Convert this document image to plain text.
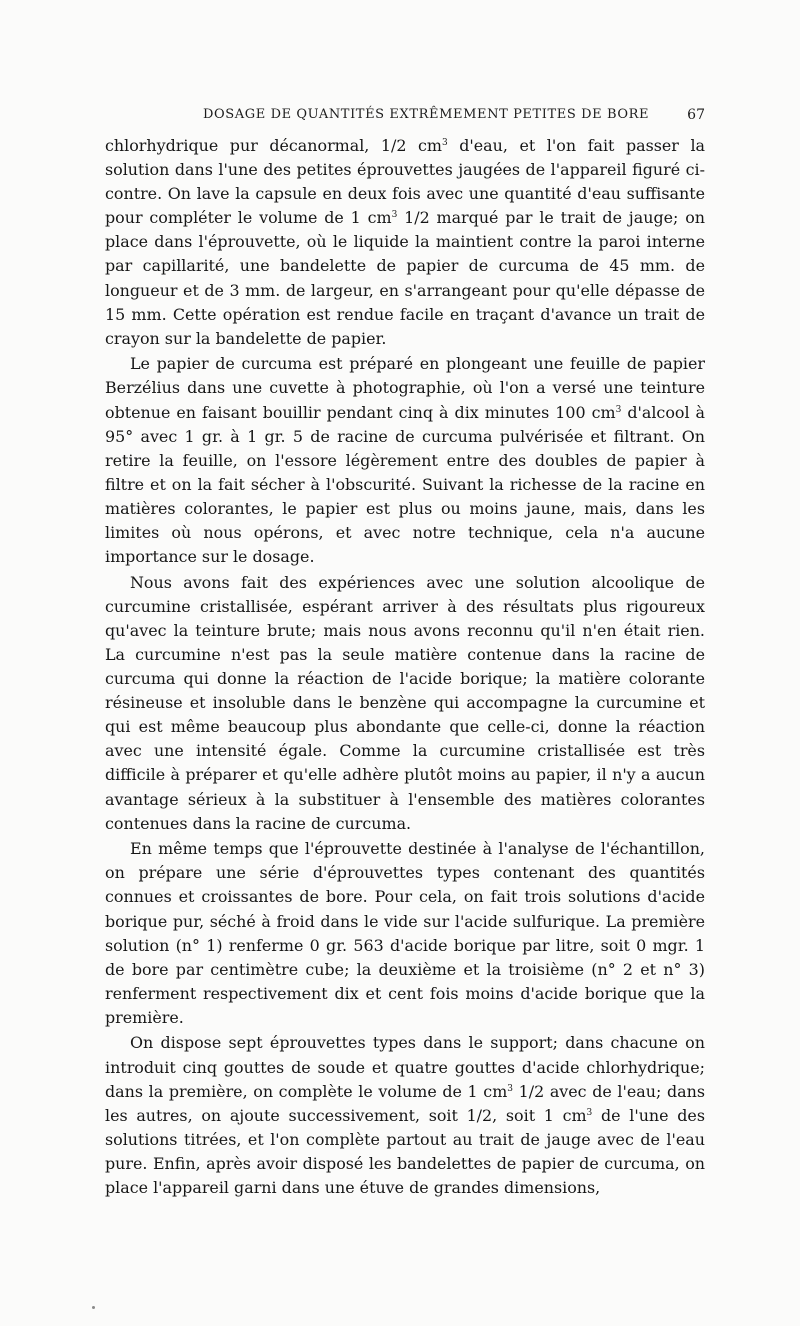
DOSAGE DE QUANTITÉS EXTRÊMEMENT PETITES DE BORE	67

chlorhydrique pur décanormal, 1/2 $cm^3$ d'eau, et l'on fait passer la solution dans l'une des petites éprouvettes jaugées de l'appareil figuré ci-contre. On lave la capsule en deux fois avec une quantité d'eau suffisante pour compléter le volume de 1 $cm^3$ 1/2 marqué par le trait de jauge; on place dans l'éprouvette, où le liquide la maintient contre la paroi interne par capillarité, une bandelette de papier de curcuma de 45 mm. de longueur et de 3 mm. de largeur, en s'arrangeant pour qu'elle dépasse de 15 mm. Cette opération est rendue facile en traçant d'avance un trait de crayon sur la bandelette de papier.

Le papier de curcuma est préparé en plongeant une feuille de papier Berzélius dans une cuvette à photographie, où l'on a versé une teinture obtenue en faisant bouillir pendant cinq à dix minutes 100 $cm^3$ d'alcool à 95° avec 1 gr. à 1 gr. 5 de racine de curcuma pulvérisée et filtrant. On retire la feuille, on l'essore légèrement entre des doubles de papier à filtre et on la fait sécher à l'obscurité. Suivant la richesse de la racine en matières colorantes, le papier est plus ou moins jaune, mais, dans les limites où nous opérons, et avec notre technique, cela n'a aucune importance sur le dosage.

Nous avons fait des expériences avec une solution alcoolique de curcumine cristallisée, espérant arriver à des résultats plus rigoureux qu'avec la teinture brute; mais nous avons reconnu qu'il n'en était rien. La curcumine n'est pas la seule matière contenue dans la racine de curcuma qui donne la réaction de l'acide borique; la matière colorante résineuse et insoluble dans le benzène qui accompagne la curcumine et qui est même beaucoup plus abondante que celle-ci, donne la réaction avec une intensité égale. Comme la curcumine cristallisée est très difficile à préparer et qu'elle adhère plutôt moins au papier, il n'y a aucun avantage sérieux à la substituer à l'ensemble des matières colorantes contenues dans la racine de curcuma.

En même temps que l'éprouvette destinée à l'analyse de l'échantillon, on prépare une série d'éprouvettes types contenant des quantités connues et croissantes de bore. Pour cela, on fait trois solutions d'acide borique pur, séché à froid dans le vide sur l'acide sulfurique. La première solution (n° 1) renferme 0 gr. 563 d'acide borique par litre, soit 0 mgr. 1 de bore par centimètre cube; la deuxième et la troisième (n° 2 et n° 3) renferment respectivement dix et cent fois moins d'acide borique que la première.

On dispose sept éprouvettes types dans le support; dans chacune on introduit cinq gouttes de soude et quatre gouttes d'acide chlorhydrique; dans la première, on complète le volume de 1 $cm^3$ 1/2 avec de l'eau; dans les autres, on ajoute successivement, soit 1/2, soit 1 $cm^3$ de l'une des solutions titrées, et l'on complète partout au trait de jauge avec de l'eau pure. Enfin, après avoir disposé les bandelettes de papier de curcuma, on place l'appareil garni dans une étuve de grandes dimensions,
